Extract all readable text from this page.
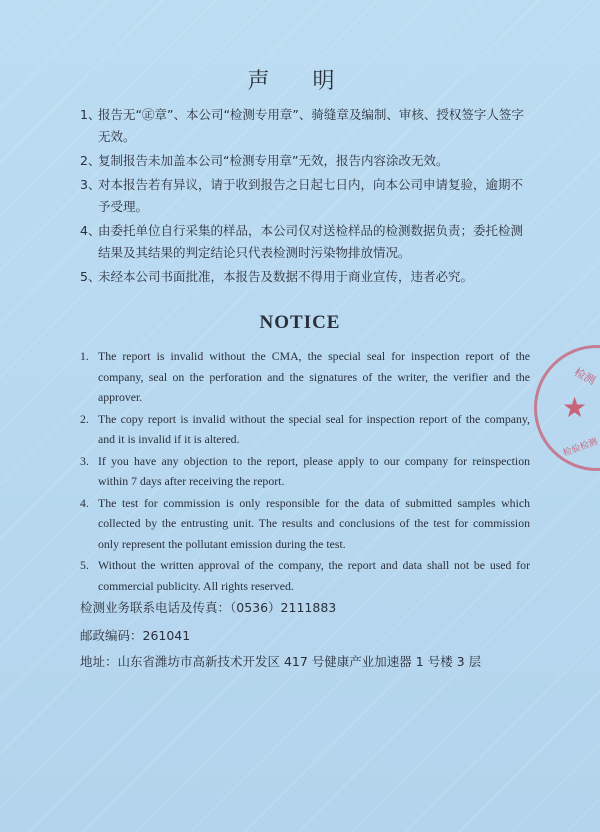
声 明
1、
报告无“㊣章”、本公司“检测专用章”、骑缝章及编制、审核、授权签字人签字无效。
2、
复制报告未加盖本公司“检测专用章”无效，报告内容涂改无效。
3、
对本报告若有异议，请于收到报告之日起七日内，向本公司申请复验，逾期不予受理。
4、
由委托单位自行采集的样品，本公司仅对送检样品的检测数据负责；委托检测结果及其结果的判定结论只代表检测时污染物排放情况。
5、
未经本公司书面批准，本报告及数据不得用于商业宣传，违者必究。
NOTICE
1. The report is invalid without the CMA, the special seal for inspection report of the company, seal on the perforation and the signatures of the writer, the verifier and the approver.
2. The copy report is invalid without the special seal for inspection report of the company, and it is invalid if it is altered.
3. If you have any objection to the report, please apply to our company for reinspection within 7 days after receiving the report.
4. The test for commission is only responsible for the data of submitted samples which collected by the entrusting unit. The results and conclusions of the test for commission only represent the pollutant emission during the test.
5. Without the written approval of the company, the report and data shall not be used for commercial publicity. All rights reserved.
检测业务联系电话及传真：（0536）2111883
邮政编码：261041
地址：山东省潍坊市高新技术开发区 417 号健康产业加速器 1 号楼 3 层
检测
★
检验检测
